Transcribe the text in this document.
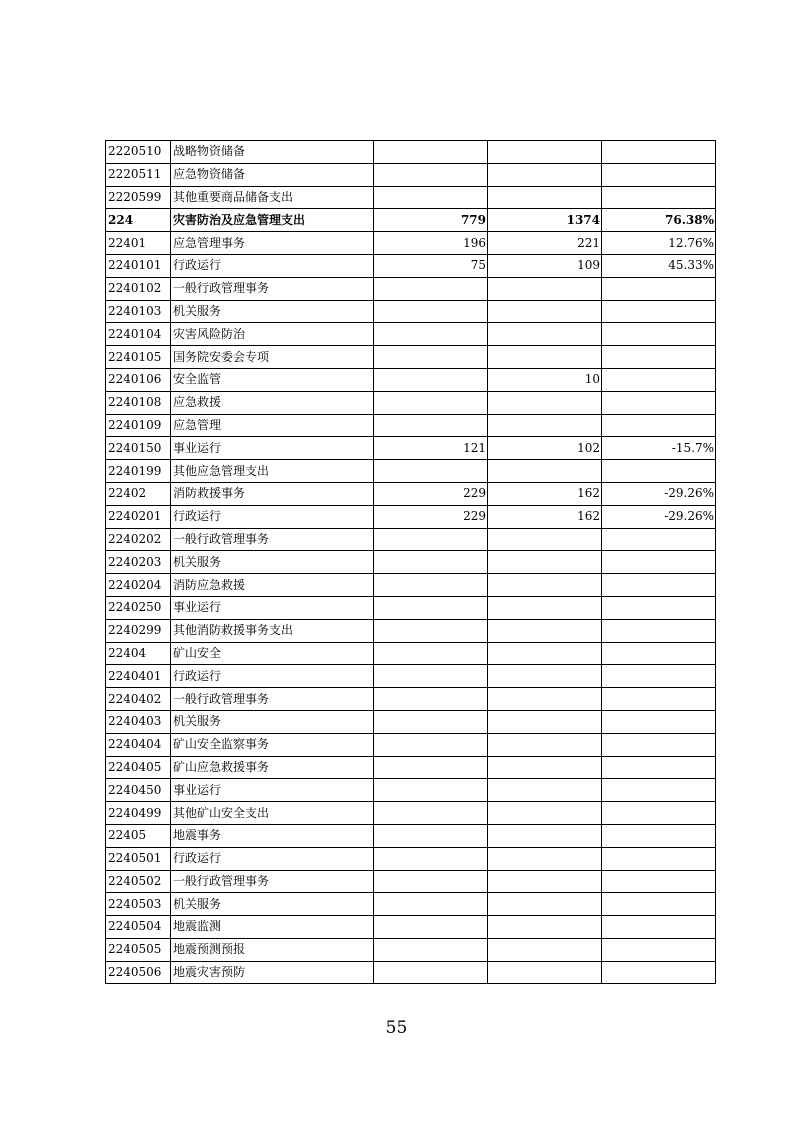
2220510	战略物资储备			
2220511	应急物资储备			
2220599	其他重要商品储备支出			
224	灾害防治及应急管理支出	779	1374	76.38%
22401	应急管理事务	196	221	12.76%
2240101	行政运行	75	109	45.33%
2240102	一般行政管理事务			
2240103	机关服务			
2240104	灾害风险防治			
2240105	国务院安委会专项			
2240106	安全监管		10	
2240108	应急救援			
2240109	应急管理			
2240150	事业运行	121	102	-15.7%
2240199	其他应急管理支出			
22402	消防救援事务	229	162	-29.26%
2240201	行政运行	229	162	-29.26%
2240202	一般行政管理事务			
2240203	机关服务			
2240204	消防应急救援			
2240250	事业运行			
2240299	其他消防救援事务支出			
22404	矿山安全			
2240401	行政运行			
2240402	一般行政管理事务			
2240403	机关服务			
2240404	矿山安全监察事务			
2240405	矿山应急救援事务			
2240450	事业运行			
2240499	其他矿山安全支出			
22405	地震事务			
2240501	行政运行			
2240502	一般行政管理事务			
2240503	机关服务			
2240504	地震监测			
2240505	地震预测预报			
2240506	地震灾害预防			
55
